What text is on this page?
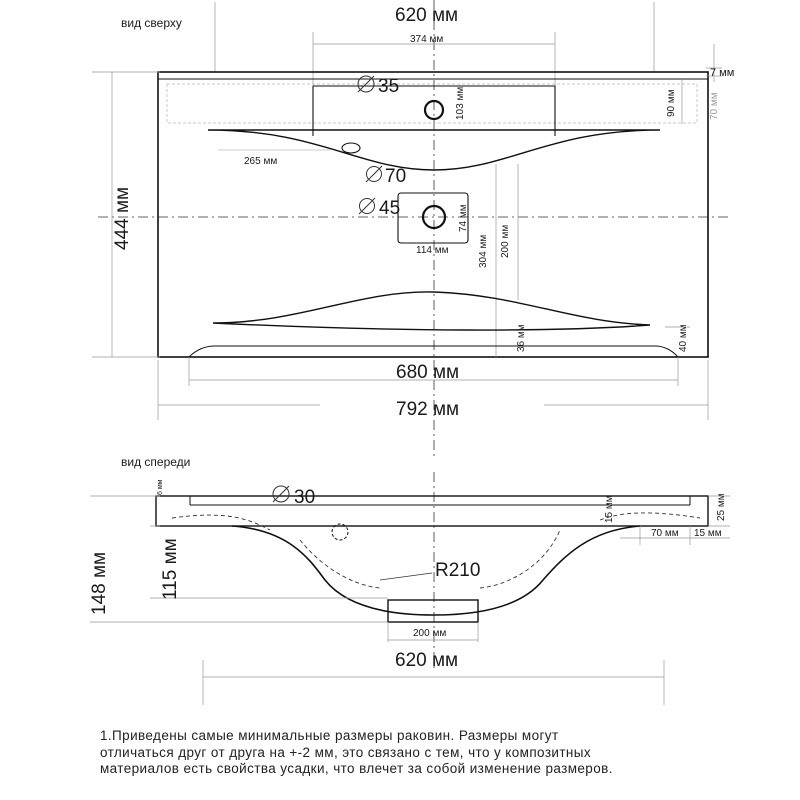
вид сверху	620 мм
374 мм
35
103 мм
7 мм
90 мм	70 мм
265 мм
70
45	74 мм
114 мм	304 мм 200 мм
444 мм
36 мм	40 мм
680 мм
792 мм
вид спереди
6 мм	30
R210
15 мм	25 мм
70 мм 15 мм
148 мм	115 мм
200 мм
620 мм

1.Приведены самые минимальные размеры раковин. Размеры могут

отличаться друг от друга на +-2 мм, это связано с тем, что у композитных

материалов есть свойства усадки, что влечет за собой изменение размеров.
